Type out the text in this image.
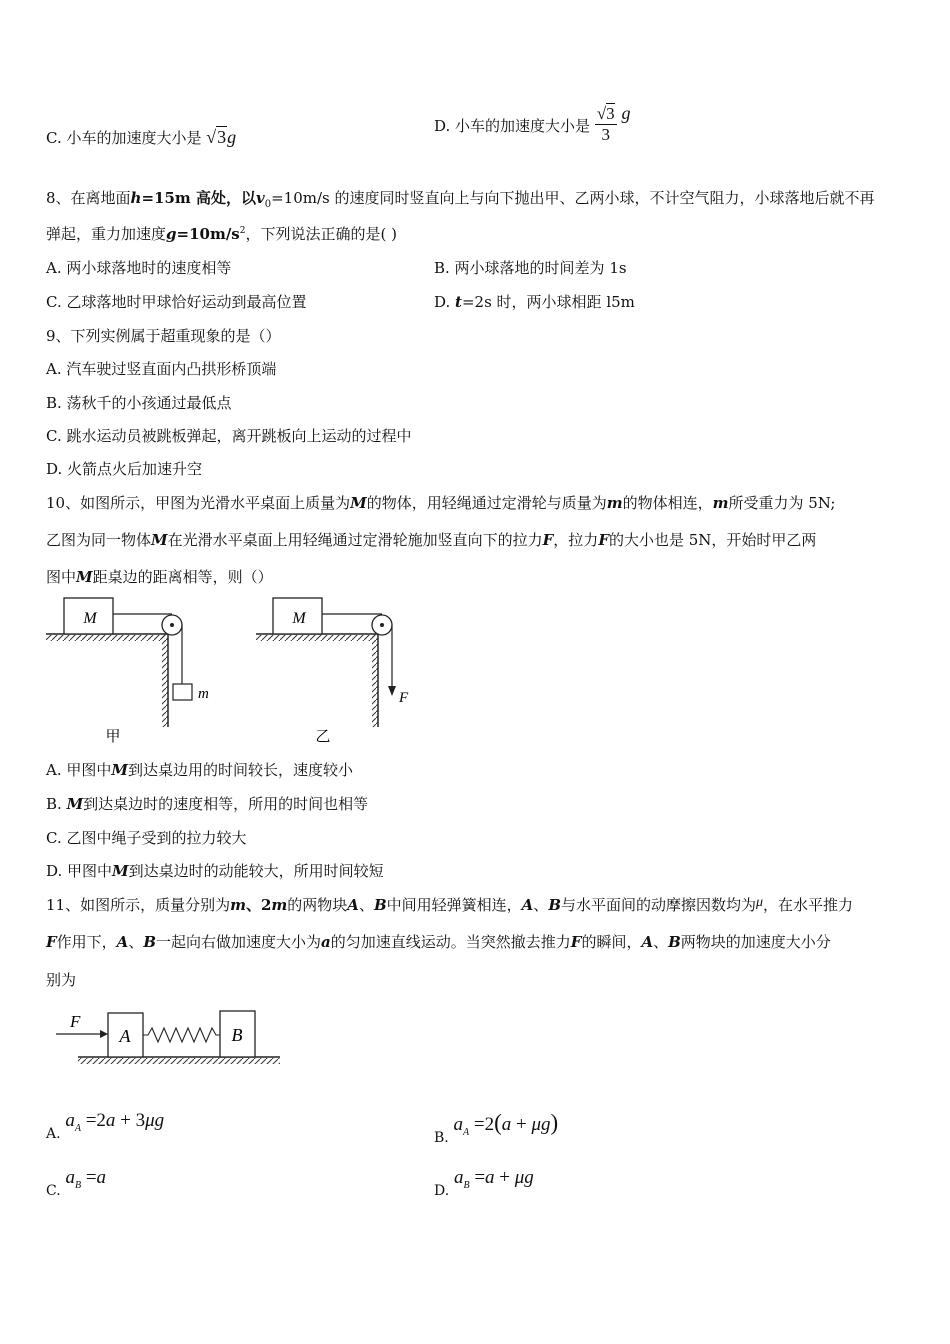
C. 小车的加速度大小是 √3g
D. 小车的加速度大小是 $\frac{√3}{3}$ g
8、在离地面h=15m 高处，以$v_0=10m/s$ 的速度同时竖直向上与向下抛出甲、乙两小球，不计空气阻力，小球落地后就不再
弹起，重力加速度$g=10m/s^2$，下列说法正确的是( )
A. 两小球落地时的速度相等	B. 两小球落地的时间差为 1s
C. 乙球落地时甲球恰好运动到最高位置	D. t=2s 时，两小球相距 l5m
9、下列实例属于超重现象的是（）
A. 汽车驶过竖直面内凸拱形桥顶端
B. 荡秋千的小孩通过最低点
C. 跳水运动员被跳板弹起，离开跳板向上运动的过程中
D. 火箭点火后加速升空
10、如图所示，甲图为光滑水平桌面上质量为M的物体，用轻绳通过定滑轮与质量为m的物体相连，m所受重力为 5N;
乙图为同一物体M在光滑水平桌面上用轻绳通过定滑轮施加竖直向下的拉力F，拉力F的大小也是 5N，开始时甲乙两
图中M距桌边的距离相等，则（）
M
m
甲
M
F
乙
A. 甲图中M到达桌边用的时间较长，速度较小
B. M到达桌边时的速度相等，所用的时间也相等
C. 乙图中绳子受到的拉力较大
D. 甲图中M到达桌边时的动能较大，所用时间较短
11、如图所示，质量分别为m、2m的两物块A、B中间用轻弹簧相连，A、B与水平面间的动摩擦因数均为μ，在水平推力
F作用下，A、B一起向右做加速度大小为a的匀加速直线运动。当突然撤去推力F的瞬间，A、B两物块的加速度大小分
别为
F
A	B
A. $a_A =2a + 3\mu g$
B. $a_A =2(a + \mu g)$
C. $a_B =a$
D. $a_B =a + \mu g$
